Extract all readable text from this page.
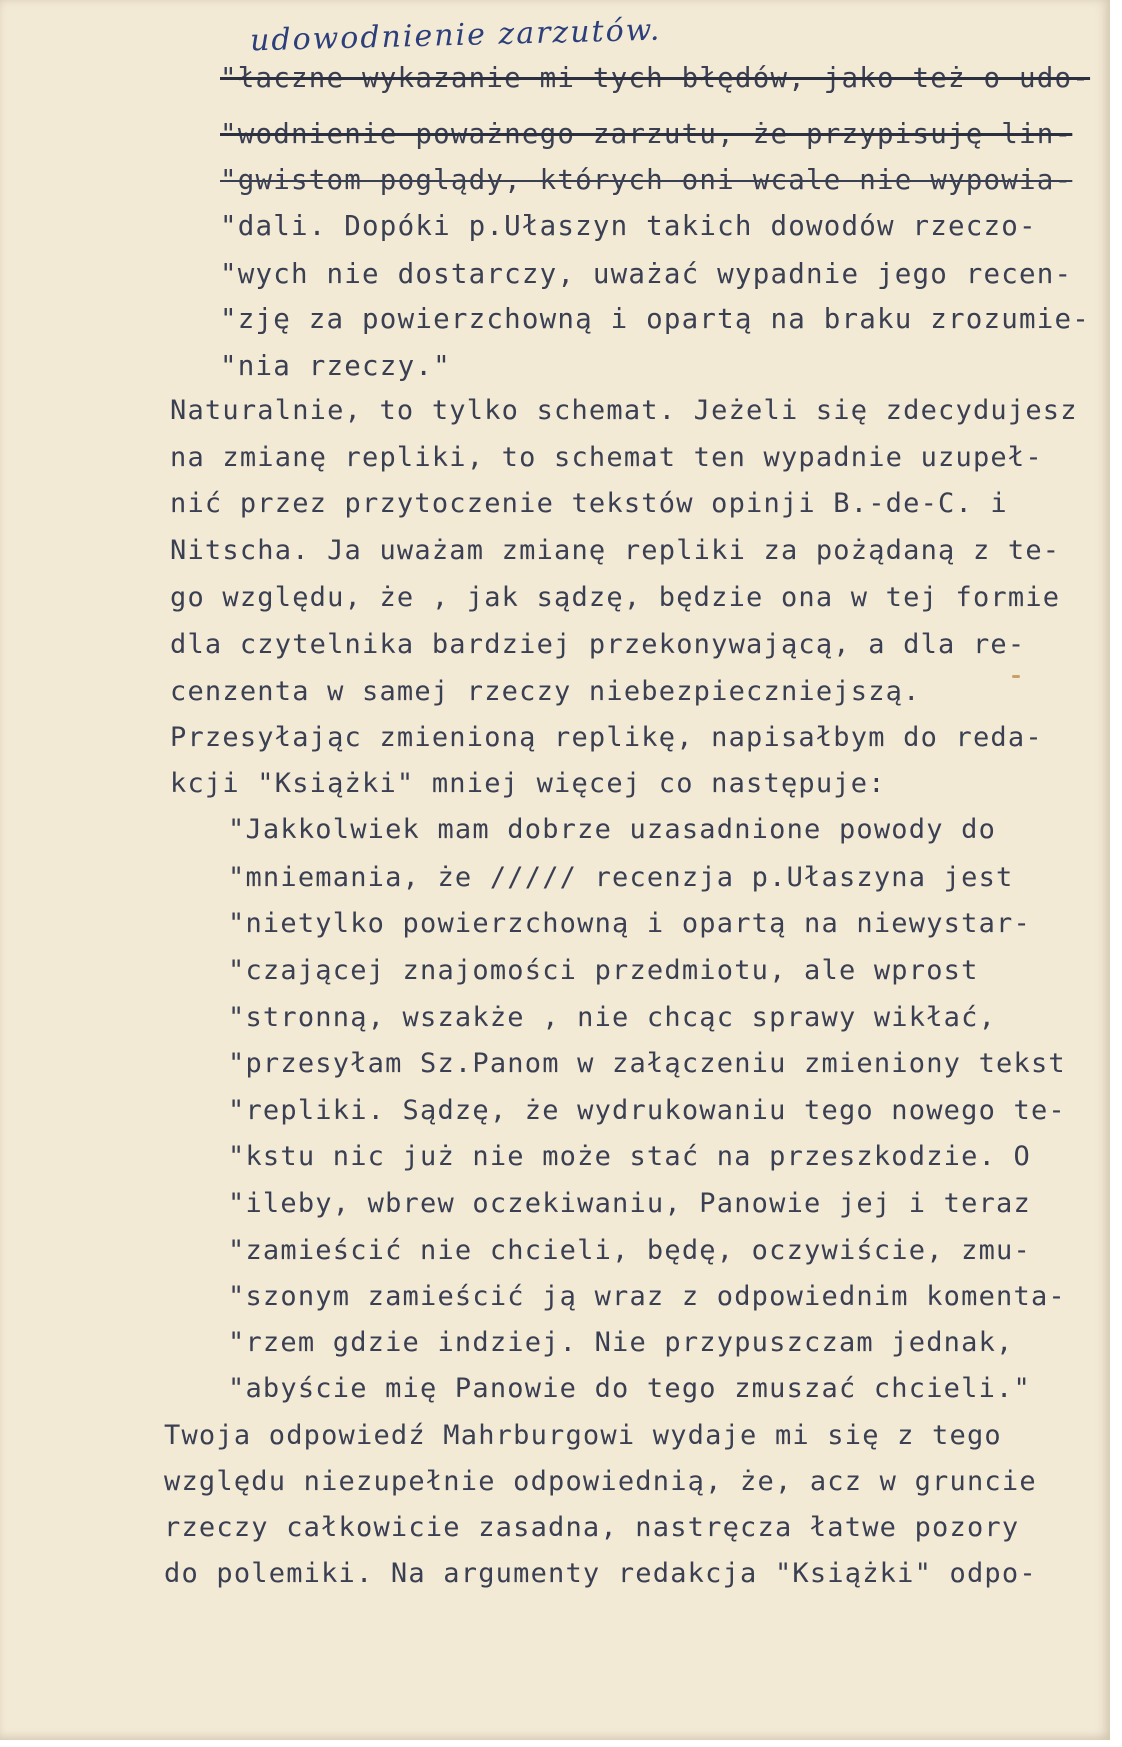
udowodnienie zarzutów.
"łaczne wykazanie mi tych błędów, jako też o udo-
"wodnienie poważnego zarzutu, że przypisuję lin-
"gwistom poglądy, których oni wcale nie wypowia-
"dali. Dopóki p.Ułaszyn takich dowodów rzeczo-
"wych nie dostarczy, uważać wypadnie jego recen-
"zję za powierzchowną i opartą na braku zrozumie-
"nia rzeczy."
Naturalnie, to tylko schemat. Jeżeli się zdecydujesz
na zmianę repliki, to schemat ten wypadnie uzupeł-
nić przez przytoczenie tekstów opinji B.-de-C. i
Nitscha. Ja uważam zmianę repliki za pożądaną z te-
go względu, że , jak sądzę, będzie ona w tej formie
dla czytelnika bardziej przekonywającą, a dla re-
cenzenta w samej rzeczy niebezpieczniejszą.
Przesyłając zmienioną replikę, napisałbym do reda-
kcji "Książki" mniej więcej co następuje:
"Jakkolwiek mam dobrze uzasadnione powody do
"mniemania, że ///// recenzja p.Ułaszyna jest
"nietylko powierzchowną i opartą na niewystar-
"czającej znajomości przedmiotu, ale wprost
"stronną, wszakże , nie chcąc sprawy wikłać,
"przesyłam Sz.Panom w załączeniu zmieniony tekst
"repliki. Sądzę, że wydrukowaniu tego nowego te-
"kstu nic już nie może stać na przeszkodzie. O
"ileby, wbrew oczekiwaniu, Panowie jej i teraz
"zamieścić nie chcieli, będę, oczywiście, zmu-
"szonym zamieścić ją wraz z odpowiednim komenta-
"rzem gdzie indziej. Nie przypuszczam jednak,
"abyście mię Panowie do tego zmuszać chcieli."
Twoja odpowiedź Mahrburgowi wydaje mi się z tego
względu niezupełnie odpowiednią, że, acz w gruncie
rzeczy całkowicie zasadna, nastręcza łatwe pozory
do polemiki. Na argumenty redakcja "Książki" odpo-
